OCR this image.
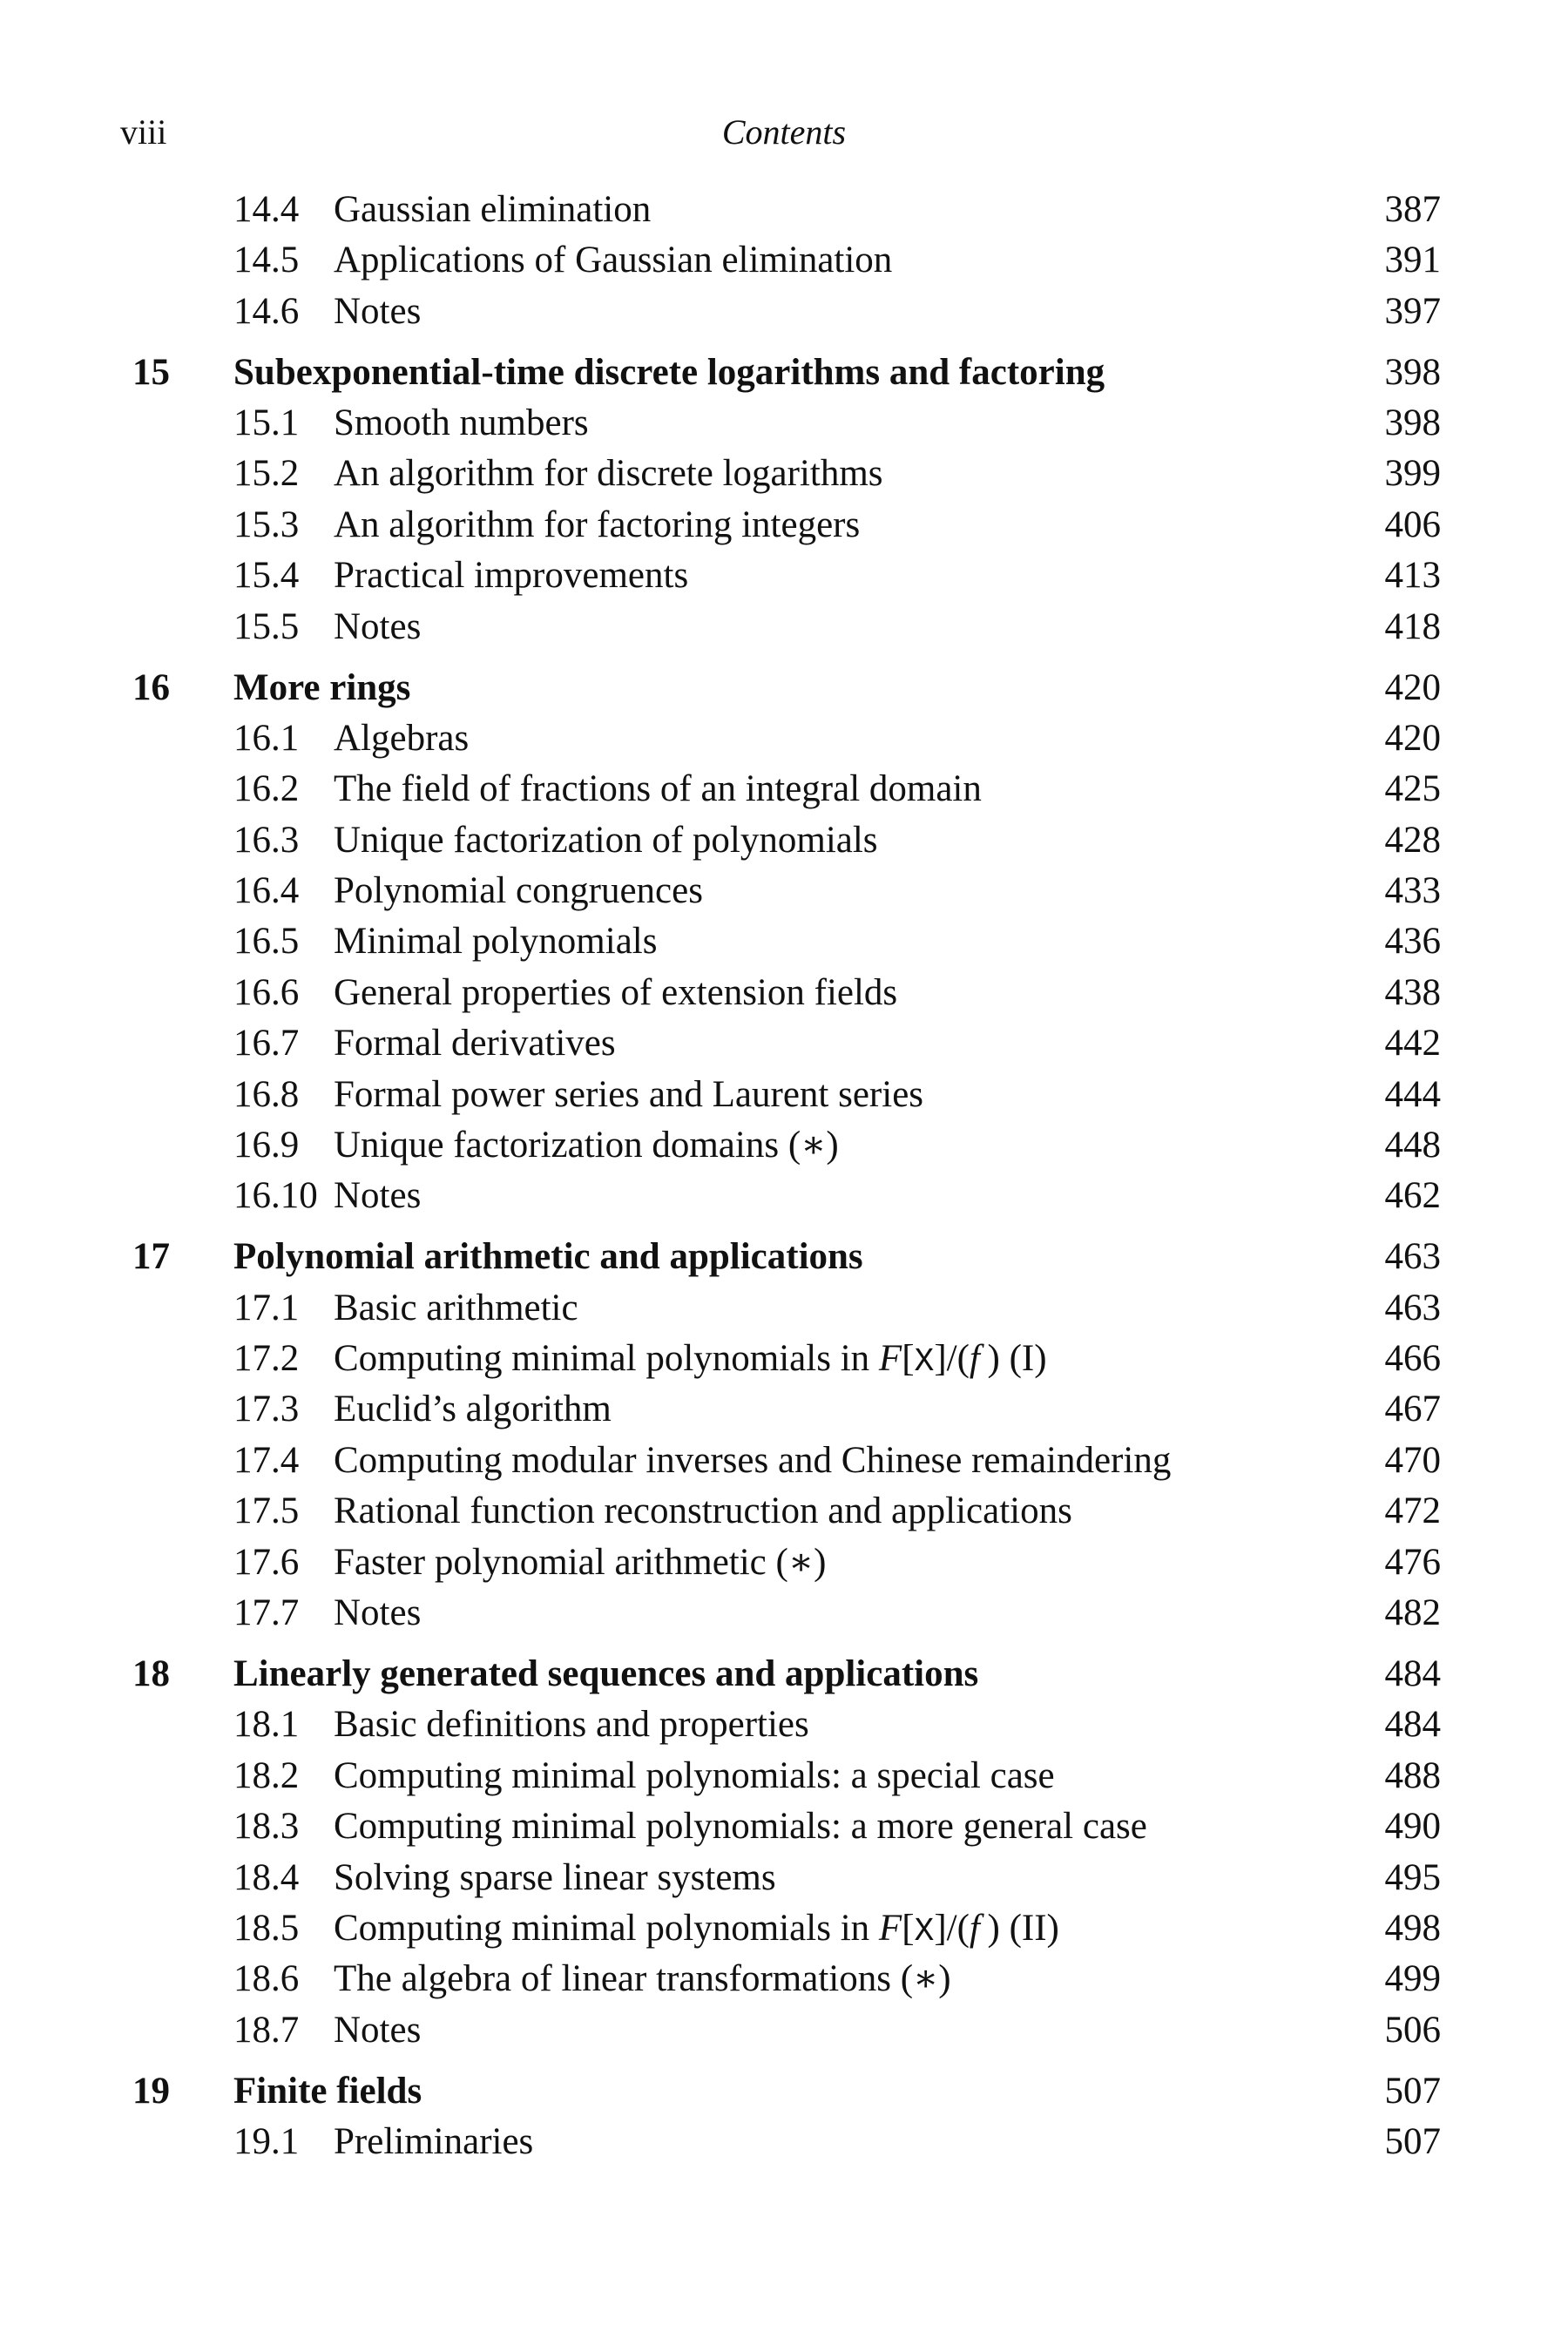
viii	Contents
14.4 Gaussian elimination	387
14.5 Applications of Gaussian elimination	391
14.6 Notes	397
15 Subexponential-time discrete logarithms and factoring	398
15.1 Smooth numbers	398
15.2 An algorithm for discrete logarithms	399
15.3 An algorithm for factoring integers	406
15.4 Practical improvements	413
15.5 Notes	418
16 More rings	420
16.1 Algebras	420
16.2 The field of fractions of an integral domain	425
16.3 Unique factorization of polynomials	428
16.4 Polynomial congruences	433
16.5 Minimal polynomials	436
16.6 General properties of extension fields	438
16.7 Formal derivatives	442
16.8 Formal power series and Laurent series	444
16.9 Unique factorization domains (∗)	448
16.10 Notes	462
17 Polynomial arithmetic and applications	463
17.1 Basic arithmetic	463
17.2 Computing minimal polynomials in F[X]/(f ) (I)	466
17.3 Euclid’s algorithm	467
17.4 Computing modular inverses and Chinese remaindering	470
17.5 Rational function reconstruction and applications	472
17.6 Faster polynomial arithmetic (∗)	476
17.7 Notes	482
18 Linearly generated sequences and applications	484
18.1 Basic definitions and properties	484
18.2 Computing minimal polynomials: a special case	488
18.3 Computing minimal polynomials: a more general case	490
18.4 Solving sparse linear systems	495
18.5 Computing minimal polynomials in F[X]/(f ) (II)	498
18.6 The algebra of linear transformations (∗)	499
18.7 Notes	506
19 Finite fields	507
19.1 Preliminaries	507
